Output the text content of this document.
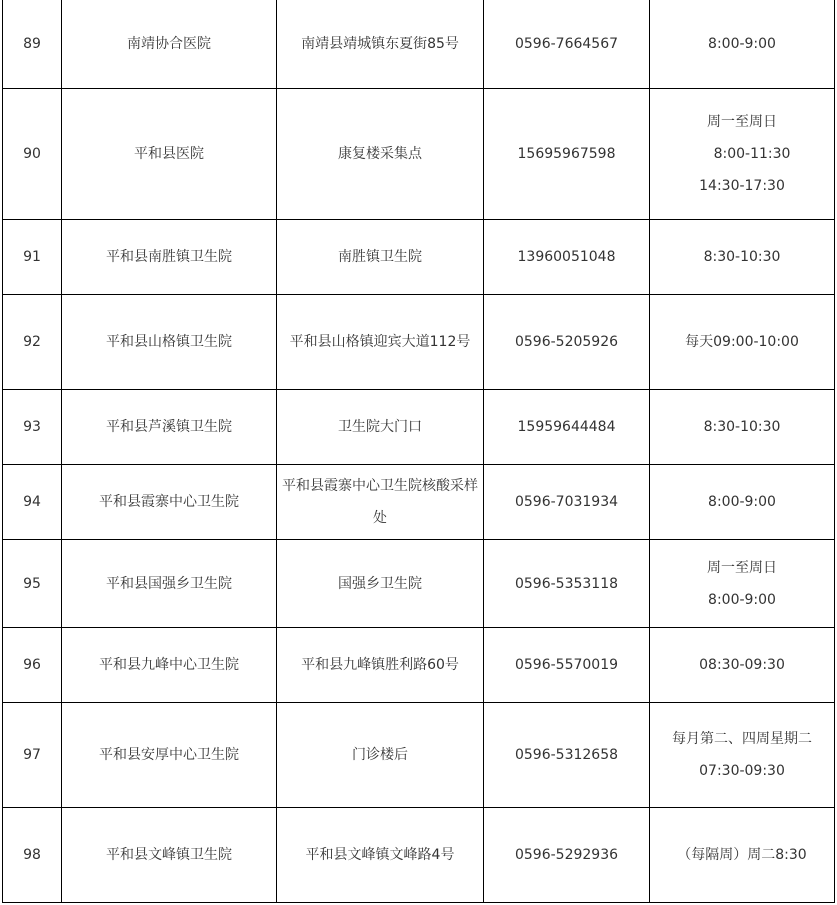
89	南靖协合医院	南靖县靖城镇东夏街85号	0596-7664567	8:00-9:00

90	平和县医院	康复楼采集点	15695967598	周一至周日
8:00-11:30
14:30-17:30

91	平和县南胜镇卫生院	南胜镇卫生院	13960051048	8:30-10:30

92	平和县山格镇卫生院	平和县山格镇迎宾大道112号	0596-5205926	每天09:00-10:00

93	平和县芦溪镇卫生院	卫生院大门口	15959644484	8:30-10:30

94	平和县霞寨中心卫生院	平和县霞寨中心卫生院核酸采样处	0596-7031934	8:00-9:00

95	平和县国强乡卫生院	国强乡卫生院	0596-5353118	周一至周日
8:00-9:00

96	平和县九峰中心卫生院	平和县九峰镇胜利路60号	0596-5570019	08:30-09:30

97	平和县安厚中心卫生院	门诊楼后	0596-5312658	每月第二、四周星期二07:30-09:30

98	平和县文峰镇卫生院	平和县文峰镇文峰路4号	0596-5292936	（每隔周）周二8:30
